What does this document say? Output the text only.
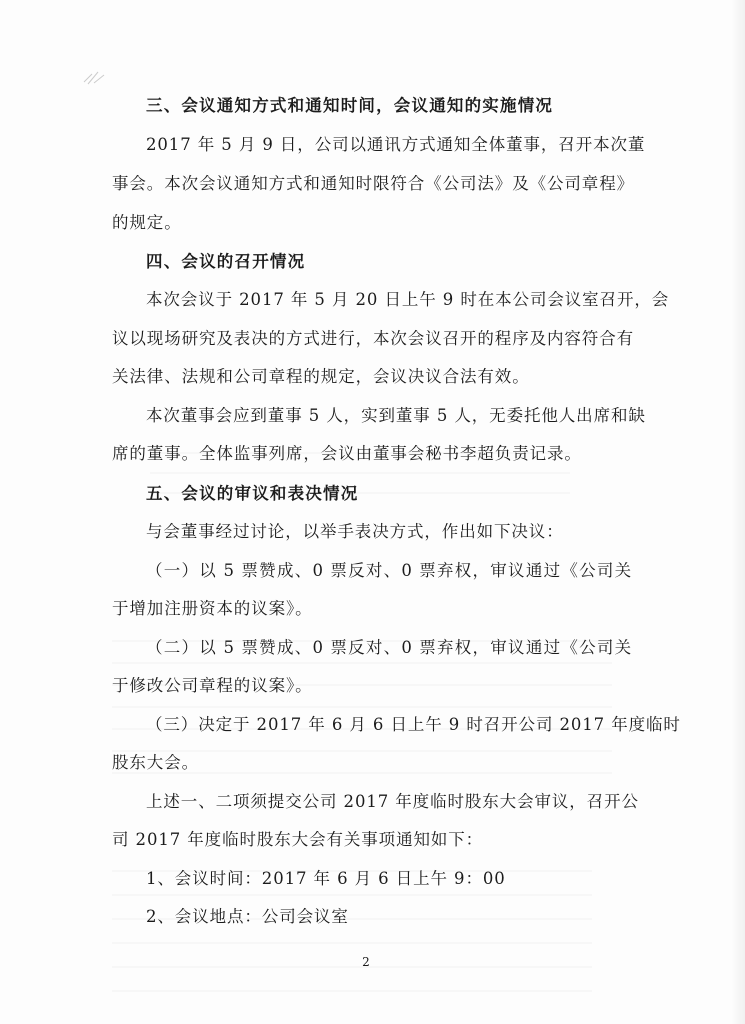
三、会议通知方式和通知时间，会议通知的实施情况
2017 年 5 月 9 日，公司以通讯方式通知全体董事，召开本次董
事会。本次会议通知方式和通知时限符合《公司法》及《公司章程》
的规定。
四、会议的召开情况
本次会议于 2017 年 5 月 20 日上午 9 时在本公司会议室召开，会
议以现场研究及表决的方式进行，本次会议召开的程序及内容符合有
关法律、法规和公司章程的规定，会议决议合法有效。
本次董事会应到董事 5 人，实到董事 5 人，无委托他人出席和缺
席的董事。全体监事列席，会议由董事会秘书李超负责记录。
五、会议的审议和表决情况
与会董事经过讨论，以举手表决方式，作出如下决议：
（一）以 5 票赞成、0 票反对、0 票弃权，审议通过《公司关
于增加注册资本的议案》。
（二）以 5 票赞成、0 票反对、0 票弃权，审议通过《公司关
于修改公司章程的议案》。
（三）决定于 2017 年 6 月 6 日上午 9 时召开公司 2017 年度临时
股东大会。
上述一、二项须提交公司 2017 年度临时股东大会审议，召开公
司 2017 年度临时股东大会有关事项通知如下：
1、会议时间：2017 年 6 月 6 日上午 9：00
2、会议地点：公司会议室
2
